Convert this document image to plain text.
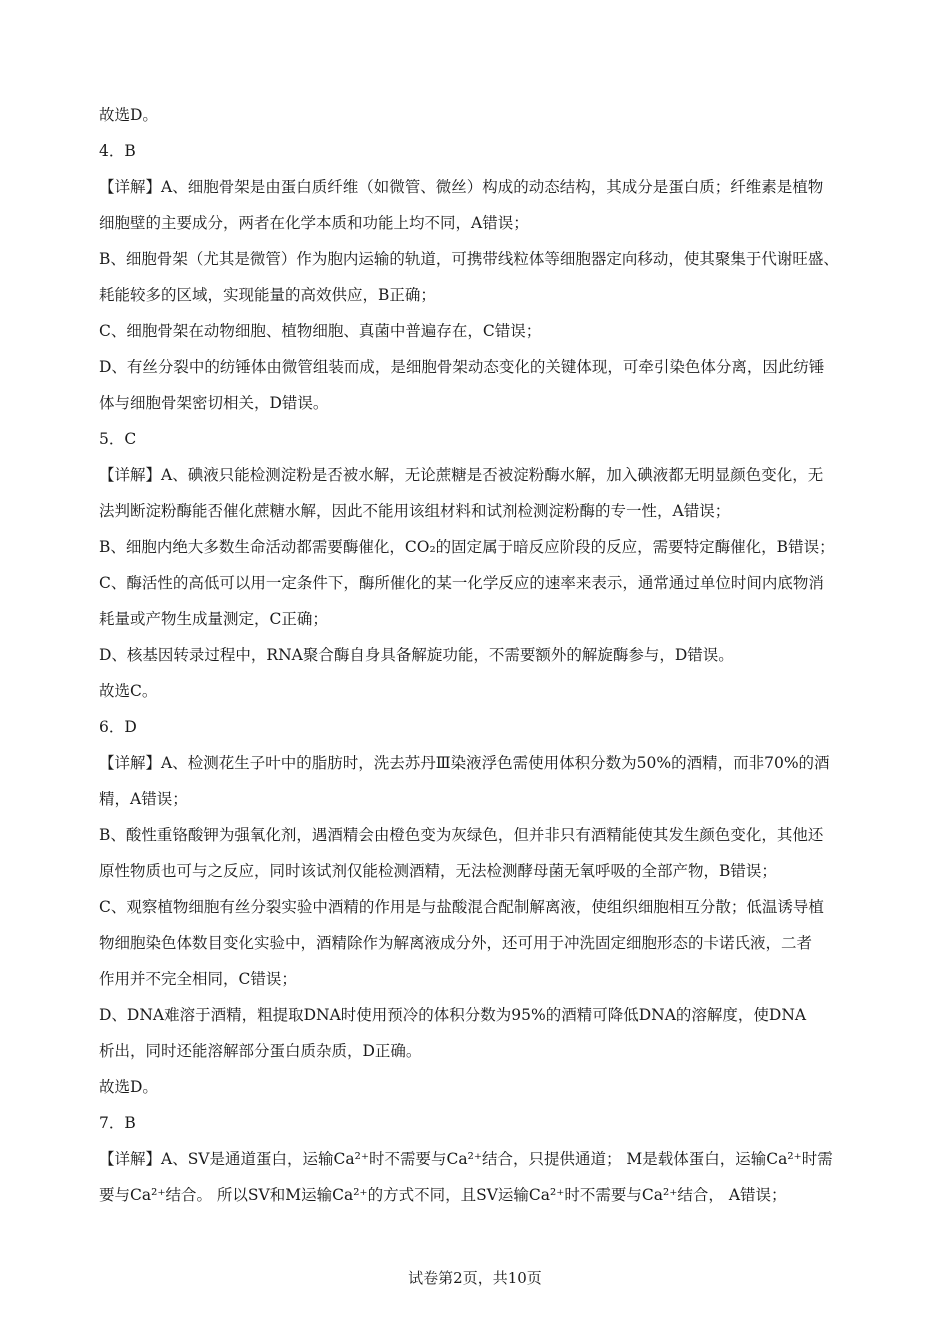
故选D。

4．B

【详解】A、细胞骨架是由蛋白质纤维（如微管、微丝）构成的动态结构，其成分是蛋白质；纤维素是植物

细胞壁的主要成分，两者在化学本质和功能上均不同，A错误；

B、细胞骨架（尤其是微管）作为胞内运输的轨道，可携带线粒体等细胞器定向移动，使其聚集于代谢旺盛、

耗能较多的区域，实现能量的高效供应，B正确；

C、细胞骨架在动物细胞、植物细胞、真菌中普遍存在，C错误；

D、有丝分裂中的纺锤体由微管组装而成，是细胞骨架动态变化的关键体现，可牵引染色体分离，因此纺锤

体与细胞骨架密切相关，D错误。

5．C

【详解】A、碘液只能检测淀粉是否被水解，无论蔗糖是否被淀粉酶水解，加入碘液都无明显颜色变化，无

法判断淀粉酶能否催化蔗糖水解，因此不能用该组材料和试剂检测淀粉酶的专一性，A错误；

B、细胞内绝大多数生命活动都需要酶催化，CO₂的固定属于暗反应阶段的反应，需要特定酶催化，B错误；

C、酶活性的高低可以用一定条件下，酶所催化的某一化学反应的速率来表示，通常通过单位时间内底物消

耗量或产物生成量测定，C正确；

D、核基因转录过程中，RNA聚合酶自身具备解旋功能，不需要额外的解旋酶参与，D错误。

故选C。

6．D

【详解】A、检测花生子叶中的脂肪时，洗去苏丹Ⅲ染液浮色需使用体积分数为50%的酒精，而非70%的酒

精，A错误；

B、酸性重铬酸钾为强氧化剂，遇酒精会由橙色变为灰绿色，但并非只有酒精能使其发生颜色变化，其他还

原性物质也可与之反应，同时该试剂仅能检测酒精，无法检测酵母菌无氧呼吸的全部产物，B错误；

C、观察植物细胞有丝分裂实验中酒精的作用是与盐酸混合配制解离液，使组织细胞相互分散；低温诱导植

物细胞染色体数目变化实验中，酒精除作为解离液成分外，还可用于冲洗固定细胞形态的卡诺氏液，二者

作用并不完全相同，C错误；

D、DNA难溶于酒精，粗提取DNA时使用预冷的体积分数为95%的酒精可降低DNA的溶解度，使DNA

析出，同时还能溶解部分蛋白质杂质，D正确。

故选D。

7．B

【详解】A、SV是通道蛋白，运输Ca²⁺时不需要与Ca²⁺结合，只提供通道； M是载体蛋白，运输Ca²⁺时需

要与Ca²⁺结合。 所以SV和M运输Ca²⁺的方式不同，且SV运输Ca²⁺时不需要与Ca²⁺结合， A错误；

试卷第2页，共10页
